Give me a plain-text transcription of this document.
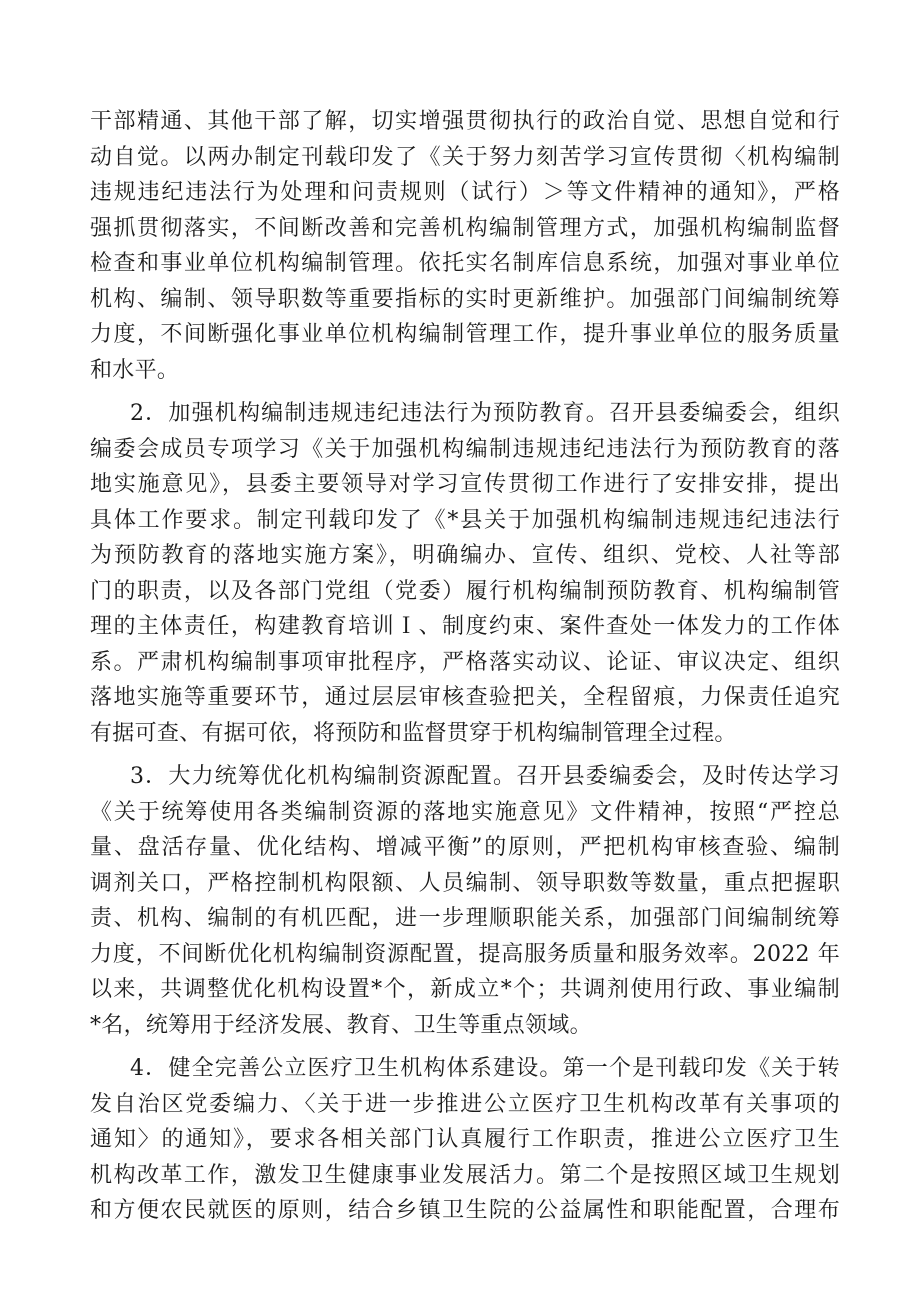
干部精通、其他干部了解，切实增强贯彻执行的政治自觉、思想自觉和行
动自觉。以两办制定刊载印发了《关于努力刻苦学习宣传贯彻〈机构编制
违规违纪违法行为处理和问责规则（试行）＞等文件精神的通知》，严格
强抓贯彻落实，不间断改善和完善机构编制管理方式，加强机构编制监督
检查和事业单位机构编制管理。依托实名制库信息系统，加强对事业单位
机构、编制、领导职数等重要指标的实时更新维护。加强部门间编制统筹
力度，不间断强化事业单位机构编制管理工作，提升事业单位的服务质量
和水平。
2．加强机构编制违规违纪违法行为预防教育。召开县委编委会，组织
编委会成员专项学习《关于加强机构编制违规违纪违法行为预防教育的落
地实施意见》，县委主要领导对学习宣传贯彻工作进行了安排安排，提出
具体工作要求。制定刊载印发了《*县关于加强机构编制违规违纪违法行
为预防教育的落地实施方案》，明确编办、宣传、组织、党校、人社等部
门的职责，以及各部门党组（党委）履行机构编制预防教育、机构编制管
理的主体责任，构建教育培训Ｉ、制度约束、案件查处一体发力的工作体
系。严肃机构编制事项审批程序，严格落实动议、论证、审议决定、组织
落地实施等重要环节，通过层层审核查验把关，全程留痕，力保责任追究
有据可查、有据可依，将预防和监督贯穿于机构编制管理全过程。
3．大力统筹优化机构编制资源配置。召开县委编委会，及时传达学习
《关于统筹使用各类编制资源的落地实施意见》文件精神，按照“严控总
量、盘活存量、优化结构、增减平衡”的原则，严把机构审核查验、编制
调剂关口，严格控制机构限额、人员编制、领导职数等数量，重点把握职
责、机构、编制的有机匹配，进一步理顺职能关系，加强部门间编制统筹
力度，不间断优化机构编制资源配置，提高服务质量和服务效率。2022 年
以来，共调整优化机构设置*个，新成立*个；共调剂使用行政、事业编制
*名，统筹用于经济发展、教育、卫生等重点领域。
4．健全完善公立医疗卫生机构体系建设。第一个是刊载印发《关于转
发自治区党委编力、〈关于进一步推进公立医疗卫生机构改革有关事项的
通知〉的通知》，要求各相关部门认真履行工作职责，推进公立医疗卫生
机构改革工作，激发卫生健康事业发展活力。第二个是按照区域卫生规划
和方便农民就医的原则，结合乡镇卫生院的公益属性和职能配置，合理布
